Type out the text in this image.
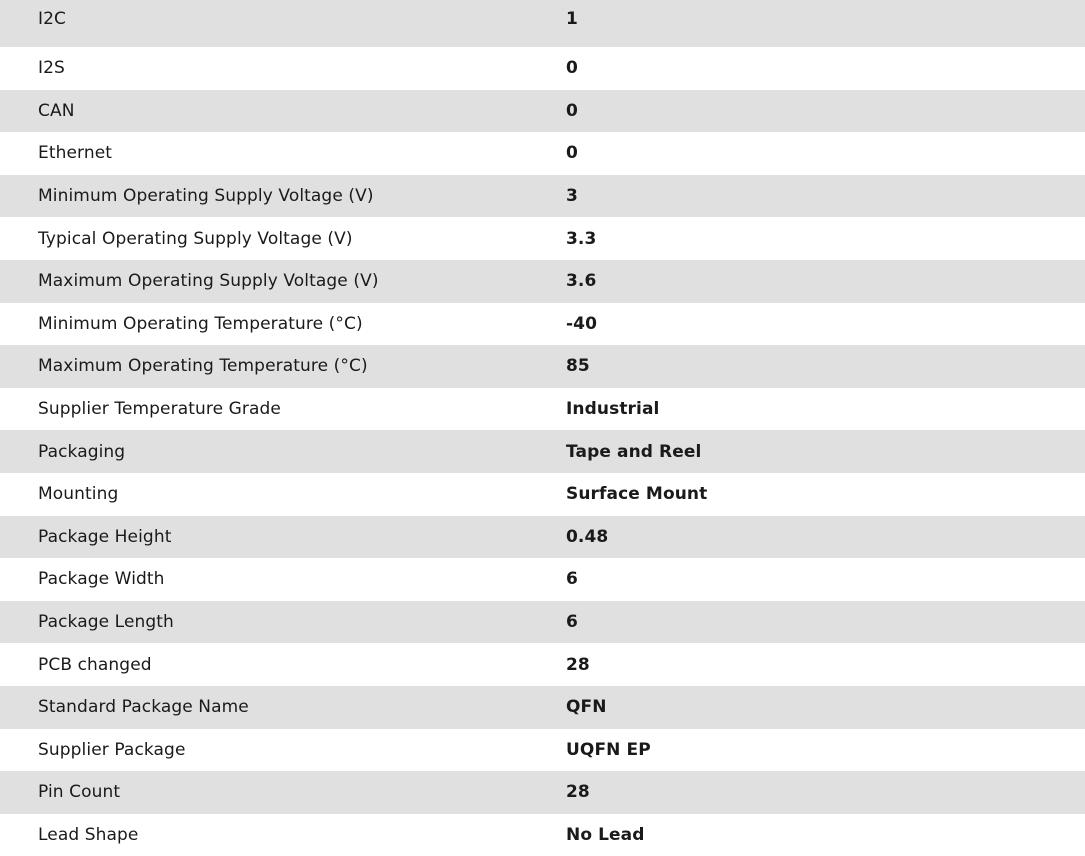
I2C	1
I2S	0
CAN	0
Ethernet	0
Minimum Operating Supply Voltage (V)	3
Typical Operating Supply Voltage (V)	3.3
Maximum Operating Supply Voltage (V)	3.6
Minimum Operating Temperature (°C)	-40
Maximum Operating Temperature (°C)	85
Supplier Temperature Grade	Industrial
Packaging	Tape and Reel
Mounting	Surface Mount
Package Height	0.48
Package Width	6
Package Length	6
PCB changed	28
Standard Package Name	QFN
Supplier Package	UQFN EP
Pin Count	28
Lead Shape	No Lead
